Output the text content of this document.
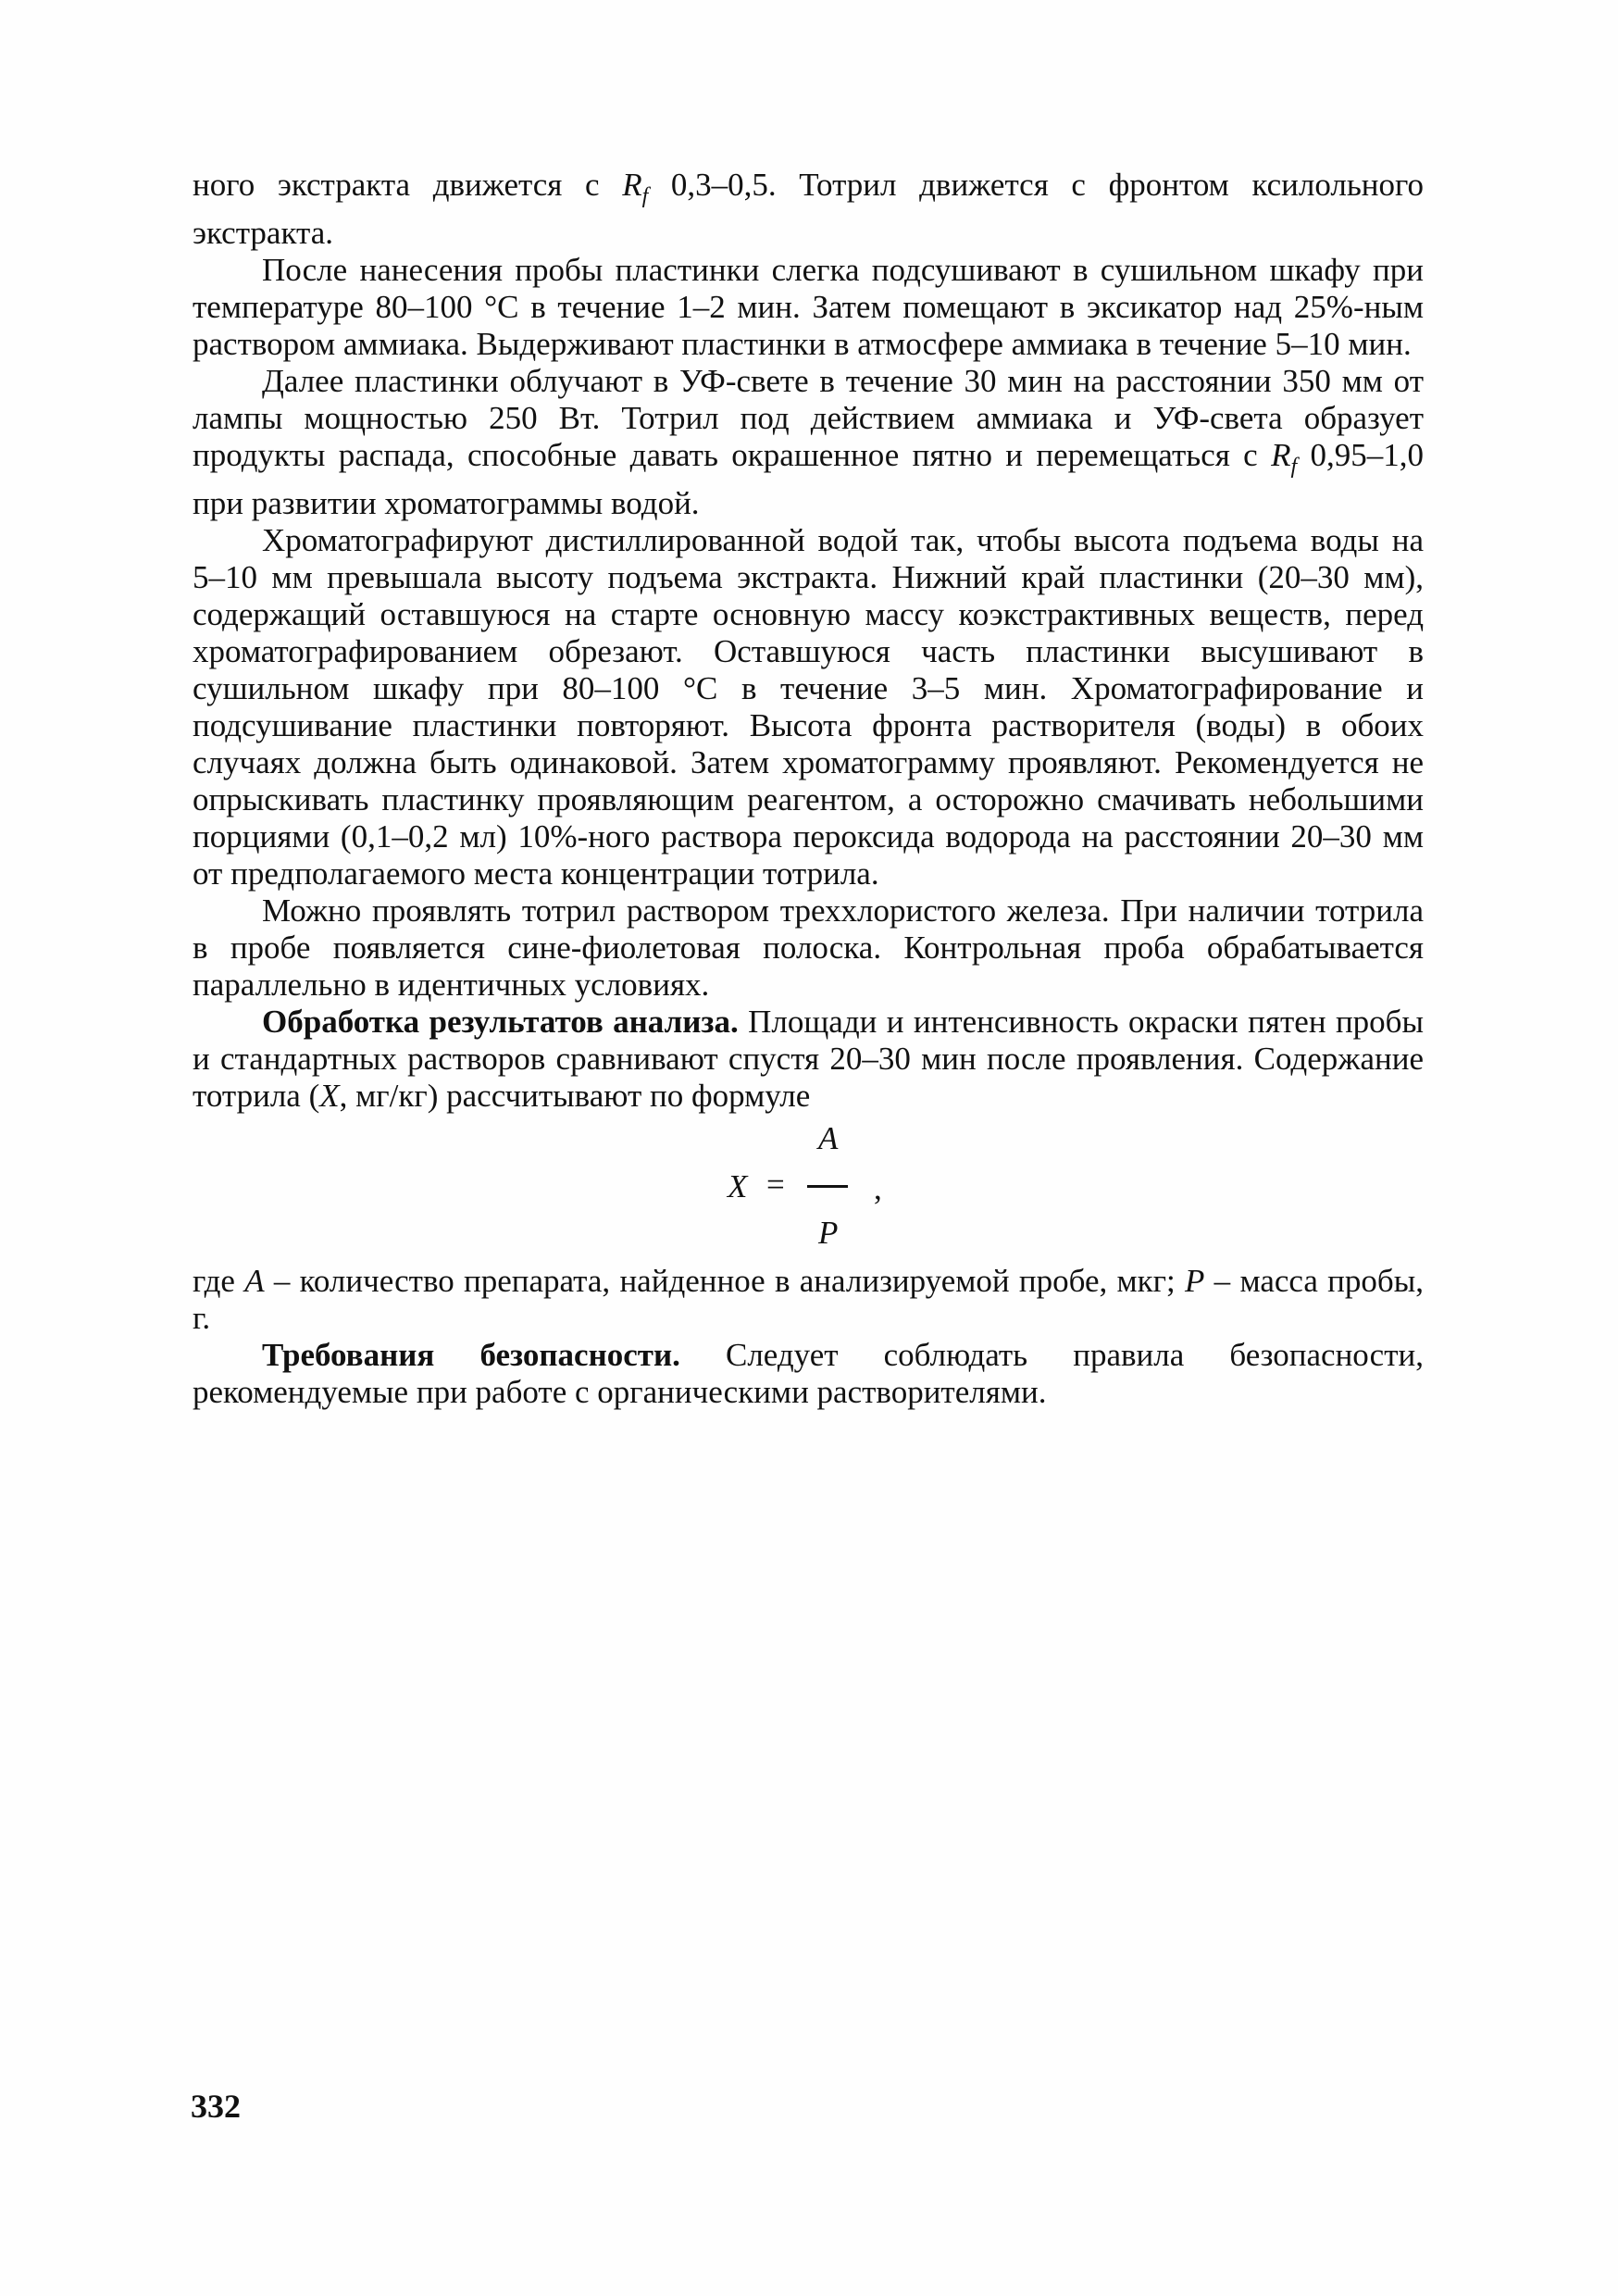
ного экстракта движется с $R_f$ 0,3–0,5. Тотрил движется с фронтом ксилольного экстракта.

После нанесения пробы пластинки слегка подсушивают в сушильном шкафу при температуре 80–100 °С в течение 1–2 мин. Затем помещают в эксикатор над 25%-ным раствором аммиака. Выдерживают пластинки в атмосфере аммиака в течение 5–10 мин.

Далее пластинки облучают в УФ-свете в течение 30 мин на расстоянии 350 мм от лампы мощностью 250 Вт. Тотрил под действием аммиака и УФ-света образует продукты распада, способные давать окрашенное пятно и перемещаться с $R_f$ 0,95–1,0 при развитии хроматограммы водой.

Хроматографируют дистиллированной водой так, чтобы высота подъема воды на 5–10 мм превышала высоту подъема экстракта. Нижний край пластинки (20–30 мм), содержащий оставшуюся на старте основную массу коэкстрактивных веществ, перед хроматографированием обрезают. Оставшуюся часть пластинки высушивают в сушильном шкафу при 80–100 °С в течение 3–5 мин. Хроматографирование и подсушивание пластинки повторяют. Высота фронта растворителя (воды) в обоих случаях должна быть одинаковой. Затем хроматограмму проявляют. Рекомендуется не опрыскивать пластинку проявляющим реагентом, а осторожно смачивать небольшими порциями (0,1–0,2 мл) 10%-ного раствора пероксида водорода на расстоянии 20–30 мм от предполагаемого места концентрации тотрила.

Можно проявлять тотрил раствором треххлористого железа. При наличии тотрила в пробе появляется сине-фиолетовая полоска. Контрольная проба обрабатывается параллельно в идентичных условиях.

Обработка результатов анализа. Площади и интенсивность окраски пятен пробы и стандартных растворов сравнивают спустя 20–30 мин после проявления. Содержание тотрила (X, мг/кг) рассчитывают по формуле

X =
A
P
,

где A – количество препарата, найденное в анализируемой пробе, мкг; P – масса пробы, г.

Требования безопасности. Следует соблюдать правила безопасности, рекомендуемые при работе с органическими растворителями.

332
